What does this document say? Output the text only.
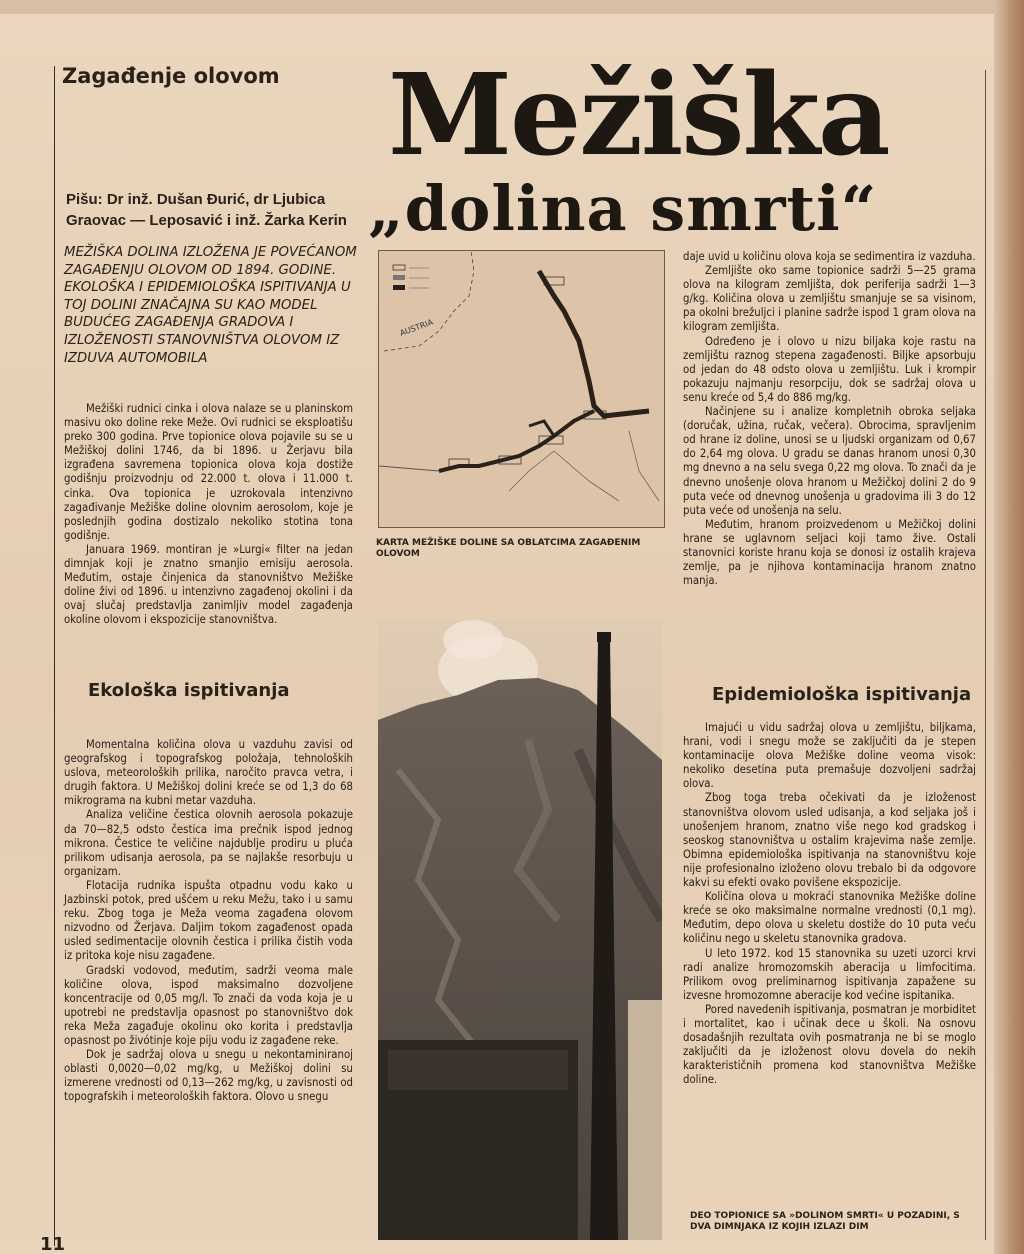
Zagađenje olovom Mežiška
„dolina smrti“
Pišu: Dr inž. Dušan Đurić, dr Ljubica Graovac — Leposavić i inž. Žarka Kerin
MEŽIŠKA DOLINA IZLOŽENA JE POVEĆANOM ZAGAĐENJU OLOVOM OD 1894. GODINE. EKOLOŠKA I EPIDEMIOLOŠKA ISPITIVANJA U TOJ DOLINI ZNAČAJNA SU KAO MODEL BUDUĆEG ZAGAĐENJA GRADOVA I IZLOŽENOSTI STANOVNIŠTVA OLOVOM IZ IZDUVA AUTOMOBILA

Mežiški rudnici cinka i olova nalaze se u planinskom masivu oko doline reke Meže. Ovi rudnici se eksploatišu preko 300 godina. Prve topionice olova pojavile su se u Mežiškoj dolini 1746, da bi 1896. u Žerjavu bila izgrađena savremena topionica olova koja dostiže godišnju proizvodnju od 22.000 t. olova i 11.000 t. cinka. Ova topionica je uzrokovala intenzivno zagađivanje Mežiške doline olovnim aerosolom, koje je poslednjih godina dostizalo nekoliko stotina tona godišnje.

Januara 1969. montiran je »Lurgi« filter na jedan dimnjak koji je znatno smanjio emisiju aerosola. Međutim, ostaje činjenica da stanovništvo Mežiške doline živi od 1896. u intenzivno zagađenoj okolini i da ovaj slučaj predstavlja zanimljiv model zagađenja okoline olovom i ekspozicije stanovništva.

Ekološka ispitivanja

Momentalna količina olova u vazduhu zavisi od geografskog i topografskog položaja, tehnoloških uslova, meteoroloških prilika, naročito pravca vetra, i drugih faktora. U Mežiškoj dolini kreće se od 1,3 do 68 mikrograma na kubni metar vazduha.

Analiza veličine čestica olovnih aerosola pokazuje da 70—82,5 odsto čestica ima prečnik ispod jednog mikrona. Čestice te veličine najdublje prodiru u pluća prilikom udisanja aerosola, pa se najlakše resorbuju u organizam.

Flotacija rudnika ispušta otpadnu vodu kako u Jazbinski potok, pred ušćem u reku Mežu, tako i u samu reku. Zbog toga je Meža veoma zagađena olovom nizvodno od Žerjava. Daljim tokom zagađenost opada usled sedimentacije olovnih čestica i prilika čistih voda iz pritoka koje nisu zagađene.

Gradski vodovod, međutim, sadrži veoma male količine olova, ispod maksimalno dozvoljene koncentracije od 0,05 mg/l. To znači da voda koja je u upotrebi ne predstavlja opasnost po stanovništvo dok reka Meža zagađuje okolinu oko korita i predstavlja opasnost po živótinje koje piju vodu iz zagađene reke.

Dok je sadržaj olova u snegu u nekontaminiranoj oblasti 0,0020—0,02 mg/kg, u Mežiškoj dolini su izmerene vrednosti od 0,13—262 mg/kg, u zavisnosti od topografskih i meteoroloških faktora. Olovo u snegu

AUSTRIA
KARTA MEŽIŠKE DOLINE SA OBLATCIMA ZAGAĐENIM OLOVOM

daje uvid u količinu olova koja se sedimentira iz vazduha.

Zemljište oko same topionice sadrži 5—25 grama olova na kilogram zemljišta, dok periferija sadrži 1—3 g/kg. Količina olova u zemljištu smanjuje se sa visinom, pa okolni brežuljci i planine sadrže ispod 1 gram olova na kilogram zemljišta.

Određeno je i olovo u nizu biljaka koje rastu na zemljištu raznog stepena zagađenosti. Biljke apsorbuju od jedan do 48 odsto olova u zemljištu. Luk i krompir pokazuju najmanju resorpciju, dok se sadržaj olova u senu kreće od 5,4 do 886 mg/kg.

Načinjene su i analize kompletnih obroka seljaka (doručak, užina, ručak, večera). Obrocima, spravljenim od hrane iz doline, unosi se u ljudski organizam od 0,67 do 2,64 mg olova. U gradu se danas hranom unosi 0,30 mg dnevno a na selu svega 0,22 mg olova. To znači da je dnevno unošenje olova hranom u Mežičkoj dolini 2 do 9 puta veće od dnevnog unošenja u gradovima ili 3 do 12 puta veće od unošenja na selu.

Međutim, hranom proizvedenom u Mežičkoj dolini hrane se uglavnom seljaci koji tamo žive. Ostali stanovnici koriste hranu koja se donosi iz ostalih krajeva zemlje, pa je njihova kontaminacija hranom znatno manja.

Epidemiološka ispitivanja

Imajući u vidu sadržaj olova u zemljištu, biljkama, hrani, vodi i snegu može se zaključiti da je stepen kontaminacije olova Mežiške doline veoma visok: nekoliko desetina puta premašuje dozvoljeni sadržaj olova.

Zbog toga treba očekivati da je izloženost stanovništva olovom usled udisanja, a kod seljaka još i unošenjem hranom, znatno više nego kod gradskog i seoskog stanovništva u ostalim krajevima naše zemlje. Obimna epidemiološka ispitivanja na stanovništvu koje nije profesionalno izloženo olovu trebalo bi da odgovore kakvi su efekti ovako povišene ekspozicije.

Količina olova u mokraći stanovnika Mežiške doline kreće se oko maksimalne normalne vrednosti (0,1 mg). Međutim, depo olova u skeletu dostiže do 10 puta veću količinu nego u skeletu stanovnika gradova.

U leto 1972. kod 15 stanovnika su uzeti uzorci krvi radi analize hromozomskih aberacija u limfocitima. Prilikom ovog preliminarnog ispitivanja zapažene su izvesne hromozomne aberacije kod većine ispitanika.

Pored navedenih ispitivanja, posmatran je morbiditet i mortalitet, kao i učinak dece u školi. Na osnovu dosadašnjih rezultata ovih posmatranja ne bi se moglo zaključiti da je izloženost olovu dovela do nekih karakterističnih promena kod stanovništva Mežiške doline.

DEO TOPIONICE SA »DOLINOM SMRTI« U POZADINI, S DVA DIMNJAKA IZ KOJIH IZLAZI DIM
11
